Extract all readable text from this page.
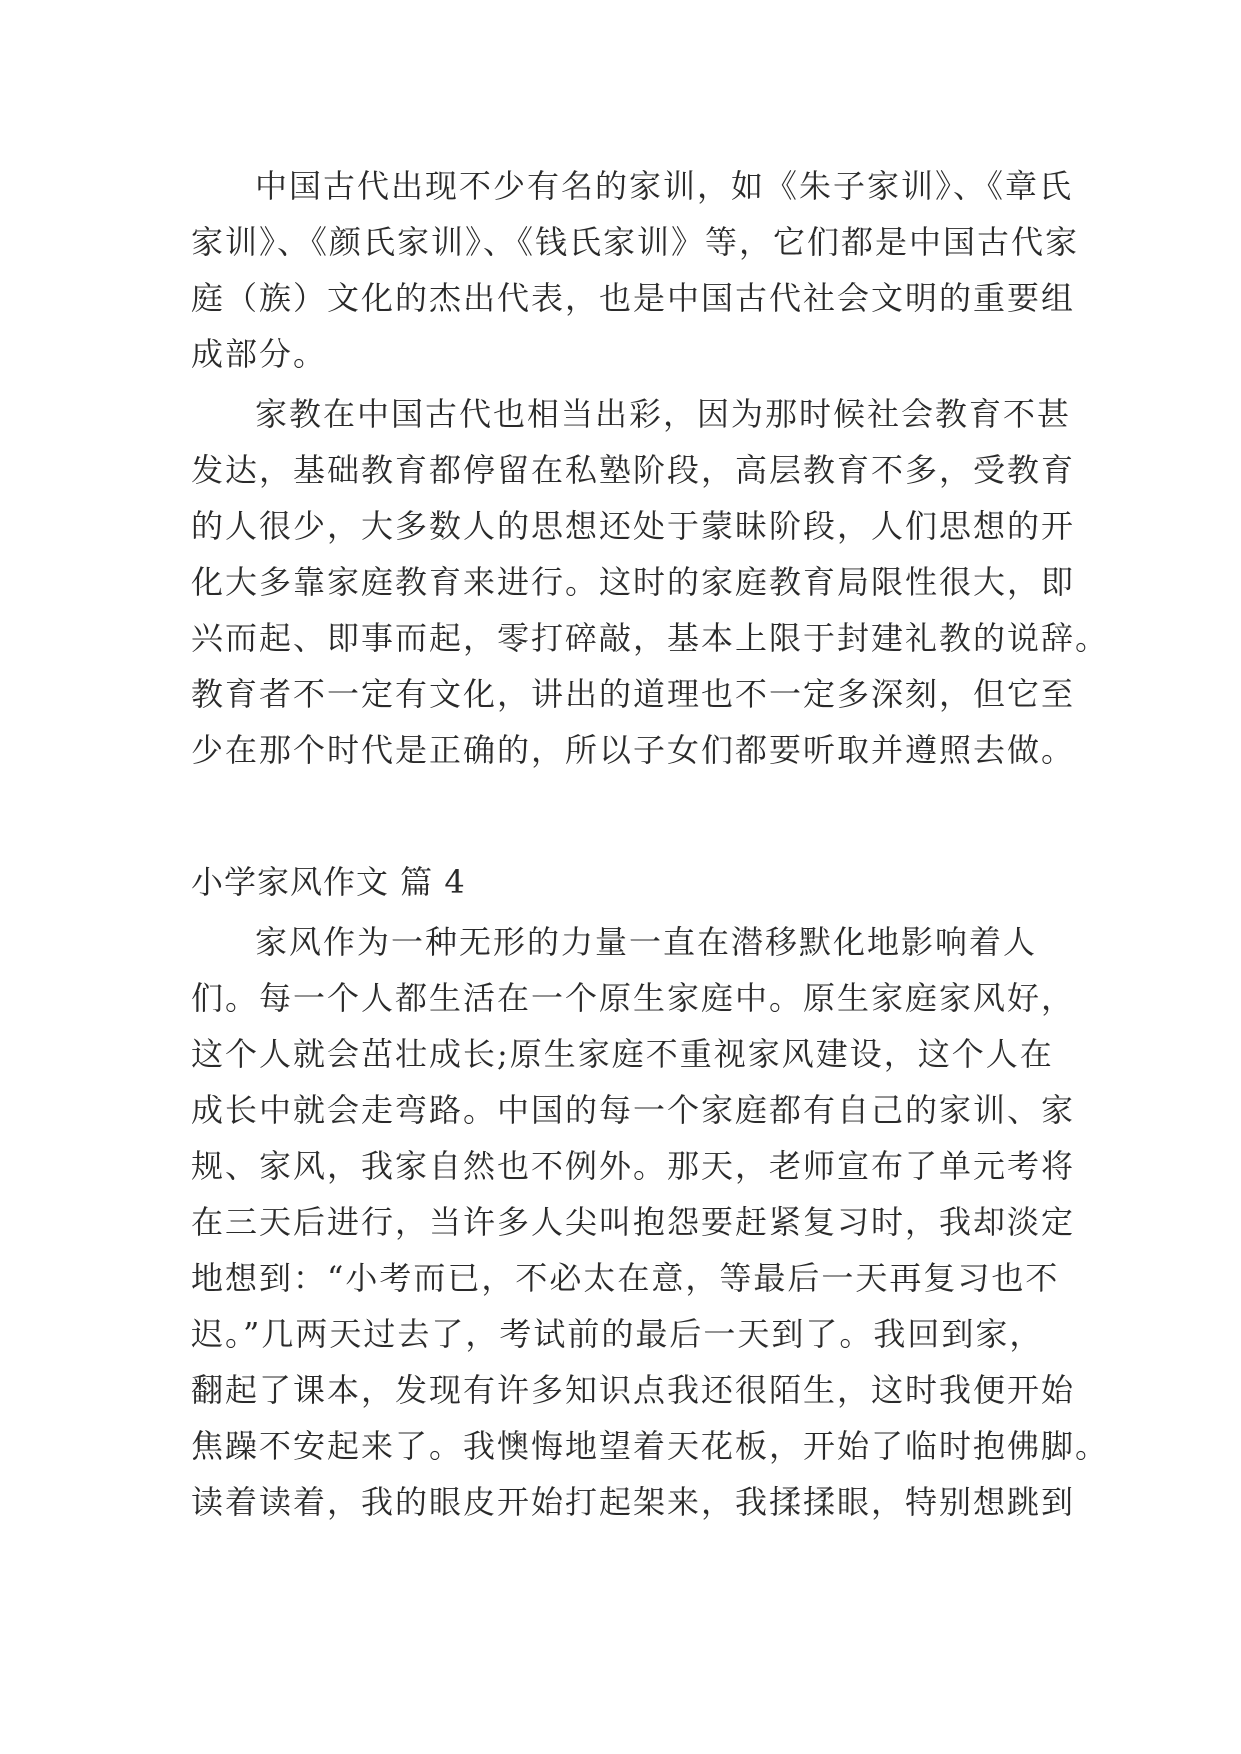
中国古代出现不少有名的家训，如《朱子家训》、《章氏
家训》、《颜氏家训》、《钱氏家训》等，它们都是中国古代家
庭（族）文化的杰出代表，也是中国古代社会文明的重要组
成部分。
家教在中国古代也相当出彩，因为那时候社会教育不甚
发达，基础教育都停留在私塾阶段，高层教育不多，受教育
的人很少，大多数人的思想还处于蒙昧阶段，人们思想的开
化大多靠家庭教育来进行。这时的家庭教育局限性很大，即
兴而起、即事而起，零打碎敲，基本上限于封建礼教的说辞。
教育者不一定有文化，讲出的道理也不一定多深刻，但它至
少在那个时代是正确的，所以子女们都要听取并遵照去做。
小学家风作文 篇 4
家风作为一种无形的力量一直在潜移默化地影响着人
们。每一个人都生活在一个原生家庭中。原生家庭家风好，
这个人就会茁壮成长;原生家庭不重视家风建设，这个人在
成长中就会走弯路。中国的每一个家庭都有自己的家训、家
规、家风，我家自然也不例外。那天，老师宣布了单元考将
在三天后进行，当许多人尖叫抱怨要赶紧复习时，我却淡定
地想到：“小考而已，不必太在意，等最后一天再复习也不
迟。”几两天过去了，考试前的最后一天到了。我回到家，
翻起了课本，发现有许多知识点我还很陌生，这时我便开始
焦躁不安起来了。我懊悔地望着天花板，开始了临时抱佛脚。
读着读着，我的眼皮开始打起架来，我揉揉眼，特别想跳到
